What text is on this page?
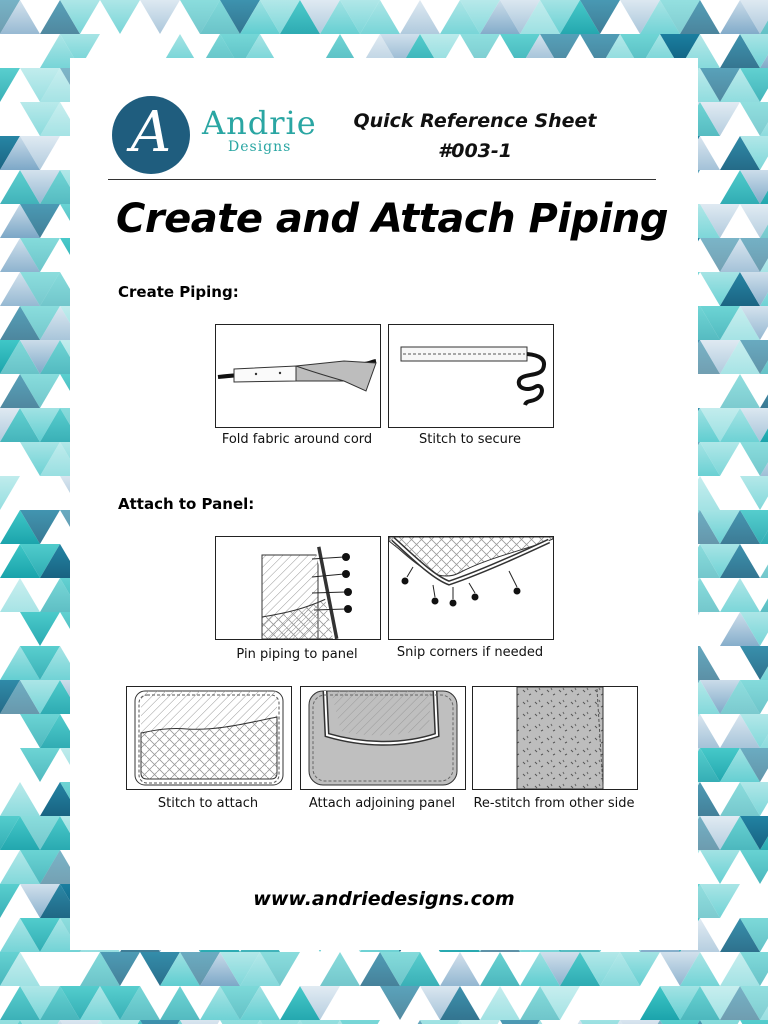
A Andrie
Designs
Quick Reference Sheet
#003-1
Create and Attach Piping
Create Piping:
Fold fabric around cord	Stitch to secure
Attach to Panel:
Pin piping to panel	Snip corners if needed
Stitch to attach	Attach adjoining panel	Re-stitch from other side
www.andriedesigns.com
